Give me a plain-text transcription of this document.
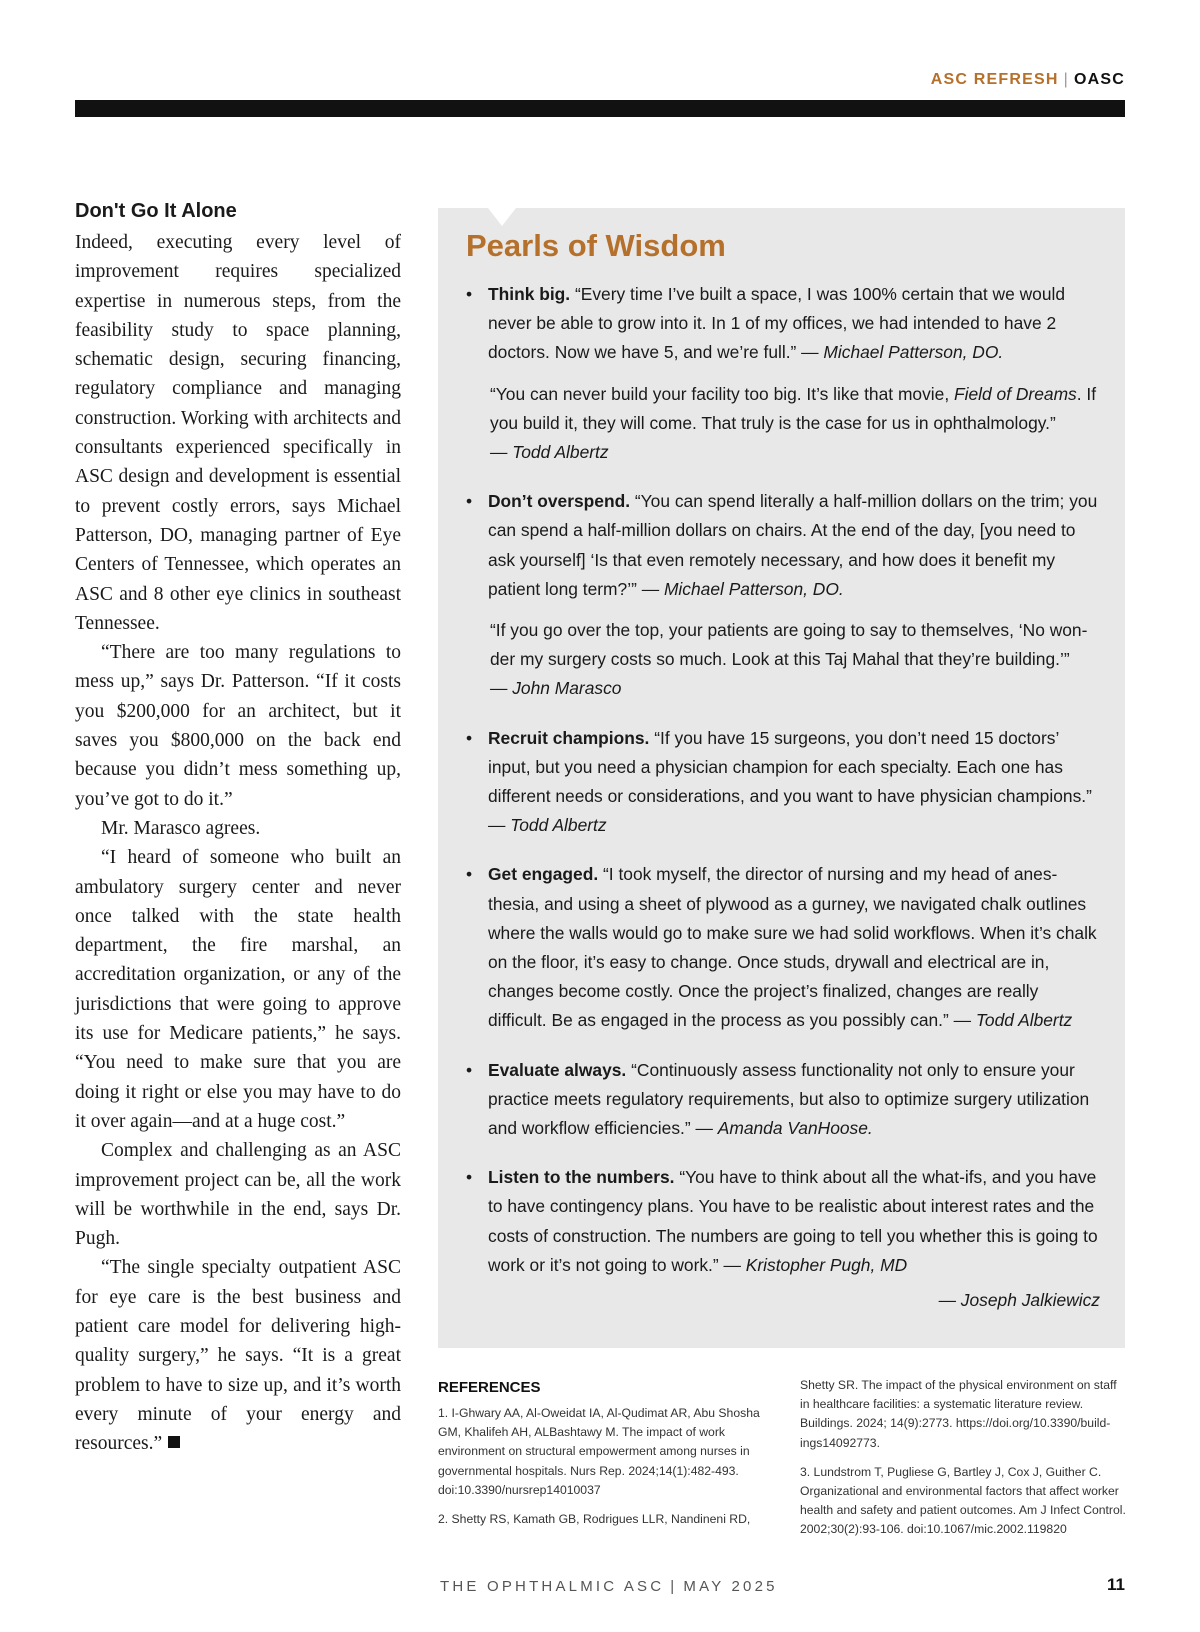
ASC REFRESH | OASC
Don't Go It Alone

Indeed, executing every level of improvement requires specialized expertise in numerous steps, from the feasibility study to space planning, schematic design, securing financing, regulatory compliance and managing construction. Working with architects and consultants experienced specifically in ASC design and development is essential to prevent costly errors, says Michael Patterson, DO, managing partner of Eye Centers of Tennessee, which operates an ASC and 8 other eye clinics in southeast Tennessee.

“There are too many regulations to mess up,” says Dr. Patterson. “If it costs you $200,000 for an architect, but it saves you $800,000 on the back end because you didn’t mess something up, you’ve got to do it.”

Mr. Marasco agrees.

“I heard of someone who built an ambulatory surgery center and never once talked with the state health department, the fire marshal, an accreditation organization, or any of the jurisdictions that were going to approve its use for Medicare patients,” he says. “You need to make sure that you are doing it right or else you may have to do it over again—and at a huge cost.”

Complex and challenging as an ASC improvement project can be, all the work will be worthwhile in the end, says Dr. Pugh.

“The single specialty outpatient ASC for eye care is the best business and patient care model for delivering high-quality surgery,” he says. “It is a great problem to have to size up, and it’s worth every minute of your energy and resources.”

Pearls of Wisdom
• Think big. “Every time I’ve built a space, I was 100% certain that we would never be able to grow into it. In 1 of my offices, we had intended to have 2 doctors. Now we have 5, and we’re full.” — Michael Patterson, DO.
“You can never build your facility too big. It’s like that movie, Field of Dreams. If you build it, they will come. That truly is the case for us in ophthalmology.”
— Todd Albertz
• Don’t overspend. “You can spend literally a half-million dollars on the trim; you can spend a half-million dollars on chairs. At the end of the day, [you need to ask yourself] ‘Is that even remotely necessary, and how does it benefit my patient long term?’” — Michael Patterson, DO.
“If you go over the top, your patients are going to say to themselves, ‘No wonder my surgery costs so much. Look at this Taj Mahal that they’re building.’”
— John Marasco
• Recruit champions. “If you have 15 surgeons, you don’t need 15 doctors’ input, but you need a physician champion for each specialty. Each one has different needs or considerations, and you want to have physician champions.”
— Todd Albertz
• Get engaged. “I took myself, the director of nursing and my head of anesthesia, and using a sheet of plywood as a gurney, we navigated chalk outlines where the walls would go to make sure we had solid workflows. When it’s chalk on the floor, it’s easy to change. Once studs, drywall and electrical are in, changes become costly. Once the project’s finalized, changes are really difficult. Be as engaged in the process as you possibly can.” — Todd Albertz
• Evaluate always. “Continuously assess functionality not only to ensure your practice meets regulatory requirements, but also to optimize surgery utilization and workflow efficiencies.” — Amanda VanHoose.
• Listen to the numbers. “You have to think about all the what-ifs, and you have to have contingency plans. You have to be realistic about interest rates and the costs of construction. The numbers are going to tell you whether this is going to work or it’s not going to work.” — Kristopher Pugh, MD
— Joseph Jalkiewicz
REFERENCES

1. I-Ghwary AA, Al-Oweidat IA, Al-Qudimat AR, Abu Shosha GM, Khalifeh AH, ALBashtawy M. The impact of work environment on structural empowerment among nurses in governmental hospitals. Nurs Rep. 2024;14(1):482-493. doi:10.3390/nursrep14010037

2. Shetty RS, Kamath GB, Rodrigues LLR, Nandineni RD,

Shetty SR. The impact of the physical environment on staff in healthcare facilities: a systematic literature review. Buildings. 2024; 14(9):2773. https://doi.org/10.3390/buildings14092773.

3. Lundstrom T, Pugliese G, Bartley J, Cox J, Guither C. Organizational and environmental factors that affect worker health and safety and patient outcomes. Am J Infect Control. 2002;30(2):93-106. doi:10.1067/mic.2002.119820

THE OPHTHALMIC ASC | MAY 2025	11
